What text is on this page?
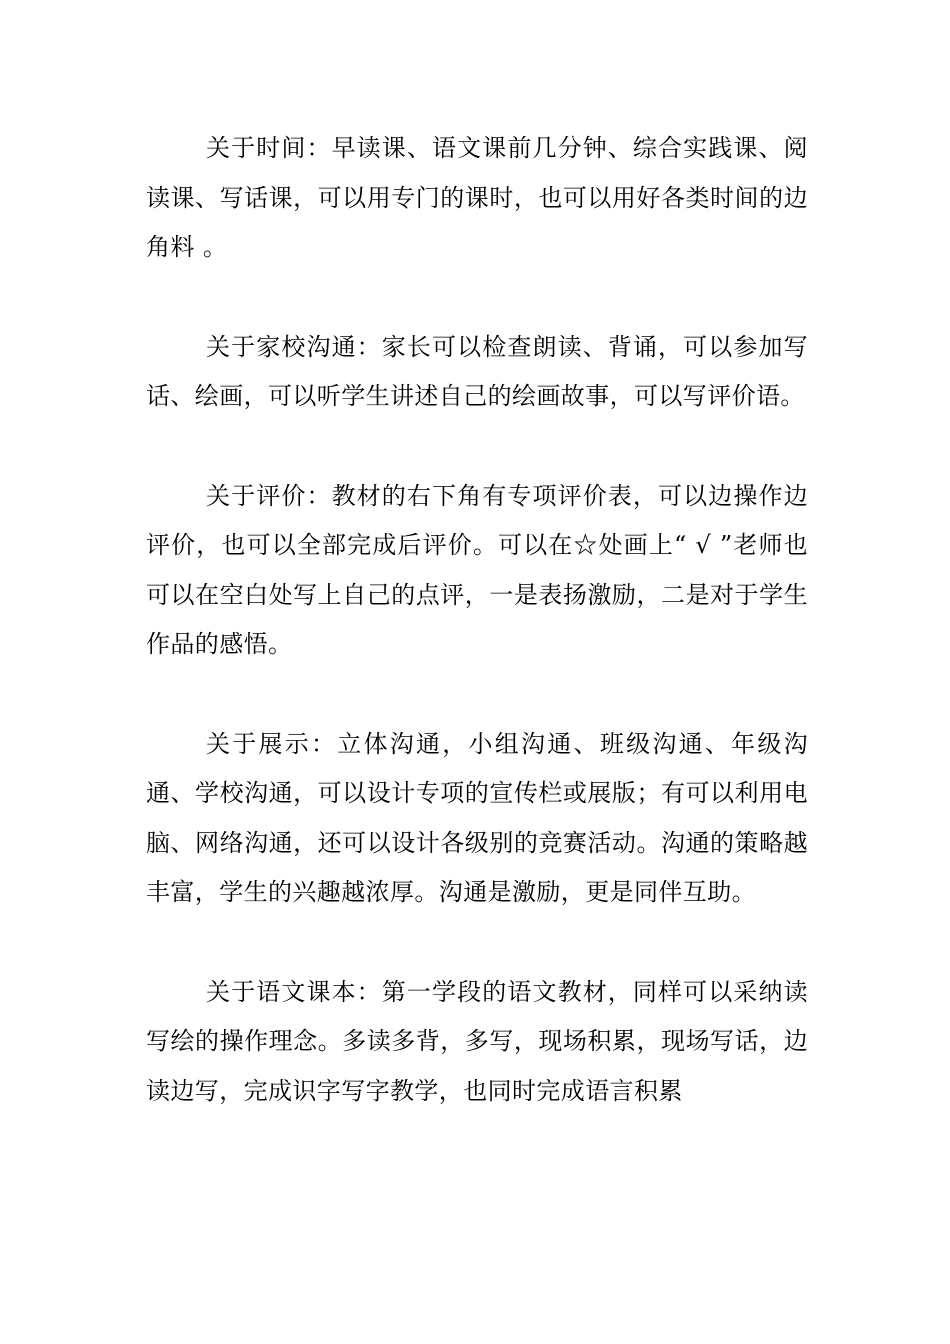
关于时间：早读课、语文课前几分钟、综合实践课、阅读课、写话课，可以用专门的课时，也可以用好各类时间的边角料 。

关于家校沟通：家长可以检查朗读、背诵，可以参加写话、绘画，可以听学生讲述自己的绘画故事，可以写评价语。

关于评价：教材的右下角有专项评价表，可以边操作边评价，也可以全部完成后评价。可以在☆处画上“ √ ”老师也可以在空白处写上自己的点评，一是表扬激励，二是对于学生作品的感悟。

关于展示：立体沟通，小组沟通、班级沟通、年级沟通、学校沟通，可以设计专项的宣传栏或展版；有可以利用电脑、网络沟通，还可以设计各级别的竞赛活动。沟通的策略越丰富，学生的兴趣越浓厚。沟通是激励，更是同伴互助。

关于语文课本：第一学段的语文教材，同样可以采纳读写绘的操作理念。多读多背，多写，现场积累，现场写话，边读边写，完成识字写字教学，也同时完成语言积累
